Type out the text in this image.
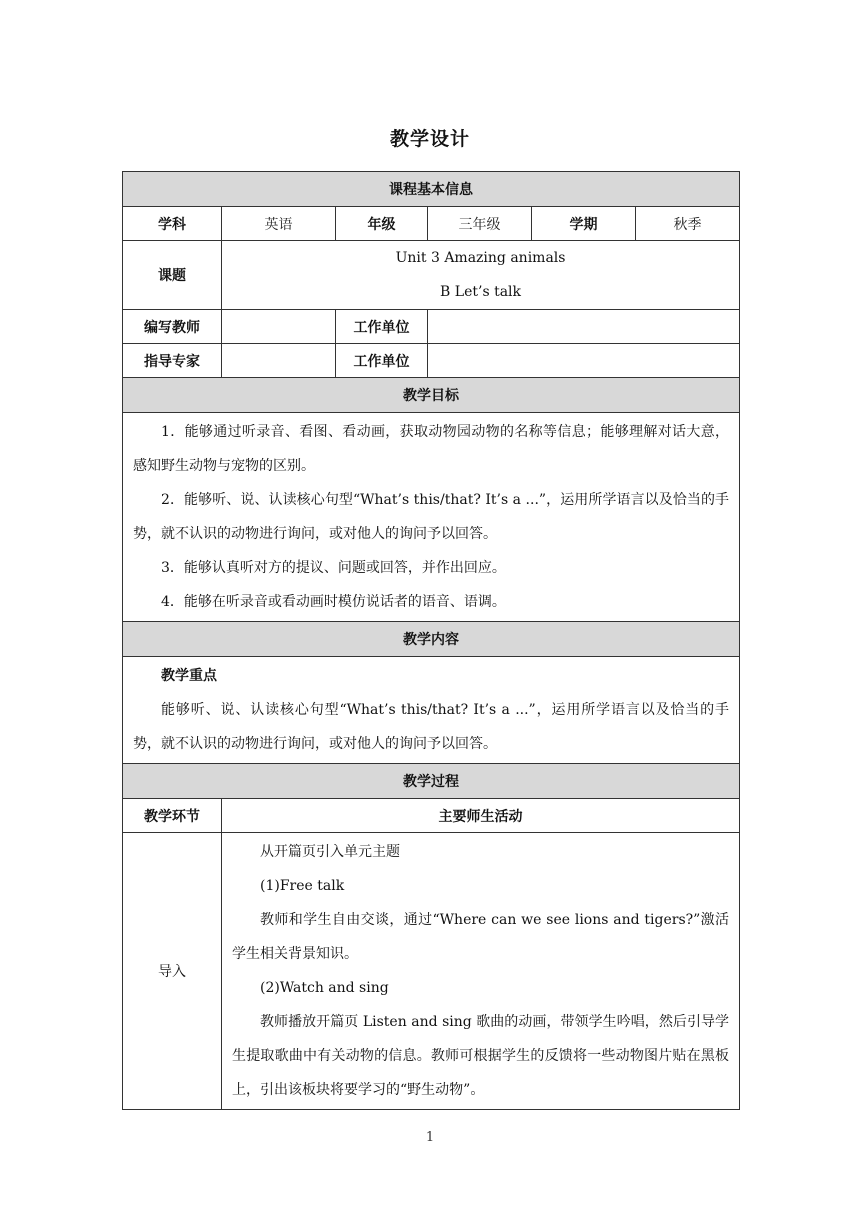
教学设计
课程基本信息					
学科	英语	年级	三年级	学期	秋季
课题	Unit 3 Amazing animals
B Let’s talk				

编写教师		工作单位			
指导专家		工作单位			
教学目标					

1．能够通过听录音、看图、看动画，获取动物园动物的名称等信息；能够理解对话大意，感知野生动物与宠物的区别。

2．能够听、说、认读核心句型“What’s this/that? It’s a ...”，运用所学语言以及恰当的手势，就不认识的动物进行询问，或对他人的询问予以回答。

3．能够认真听对方的提议、问题或回答，并作出回应。

4．能够在听录音或看动画时模仿说话者的语音、语调。					

教学内容					

教学重点

能够听、说、认读核心句型“What’s this/that? It’s a ...”，运用所学语言以及恰当的手势，就不认识的动物进行询问，或对他人的询问予以回答。					

教学过程					
教学环节	主要师生活动				
导入	从开篇页引入单元主题

(1)Free talk

教师和学生自由交谈，通过“Where can we see lions and tigers?”激活学生相关背景知识。

(2)Watch and sing

教师播放开篇页 Listen and sing 歌曲的动画，带领学生吟唱，然后引导学生提取歌曲中有关动物的信息。教师可根据学生的反馈将一些动物图片贴在黑板上，引出该板块将要学习的“野生动物”。				

1
